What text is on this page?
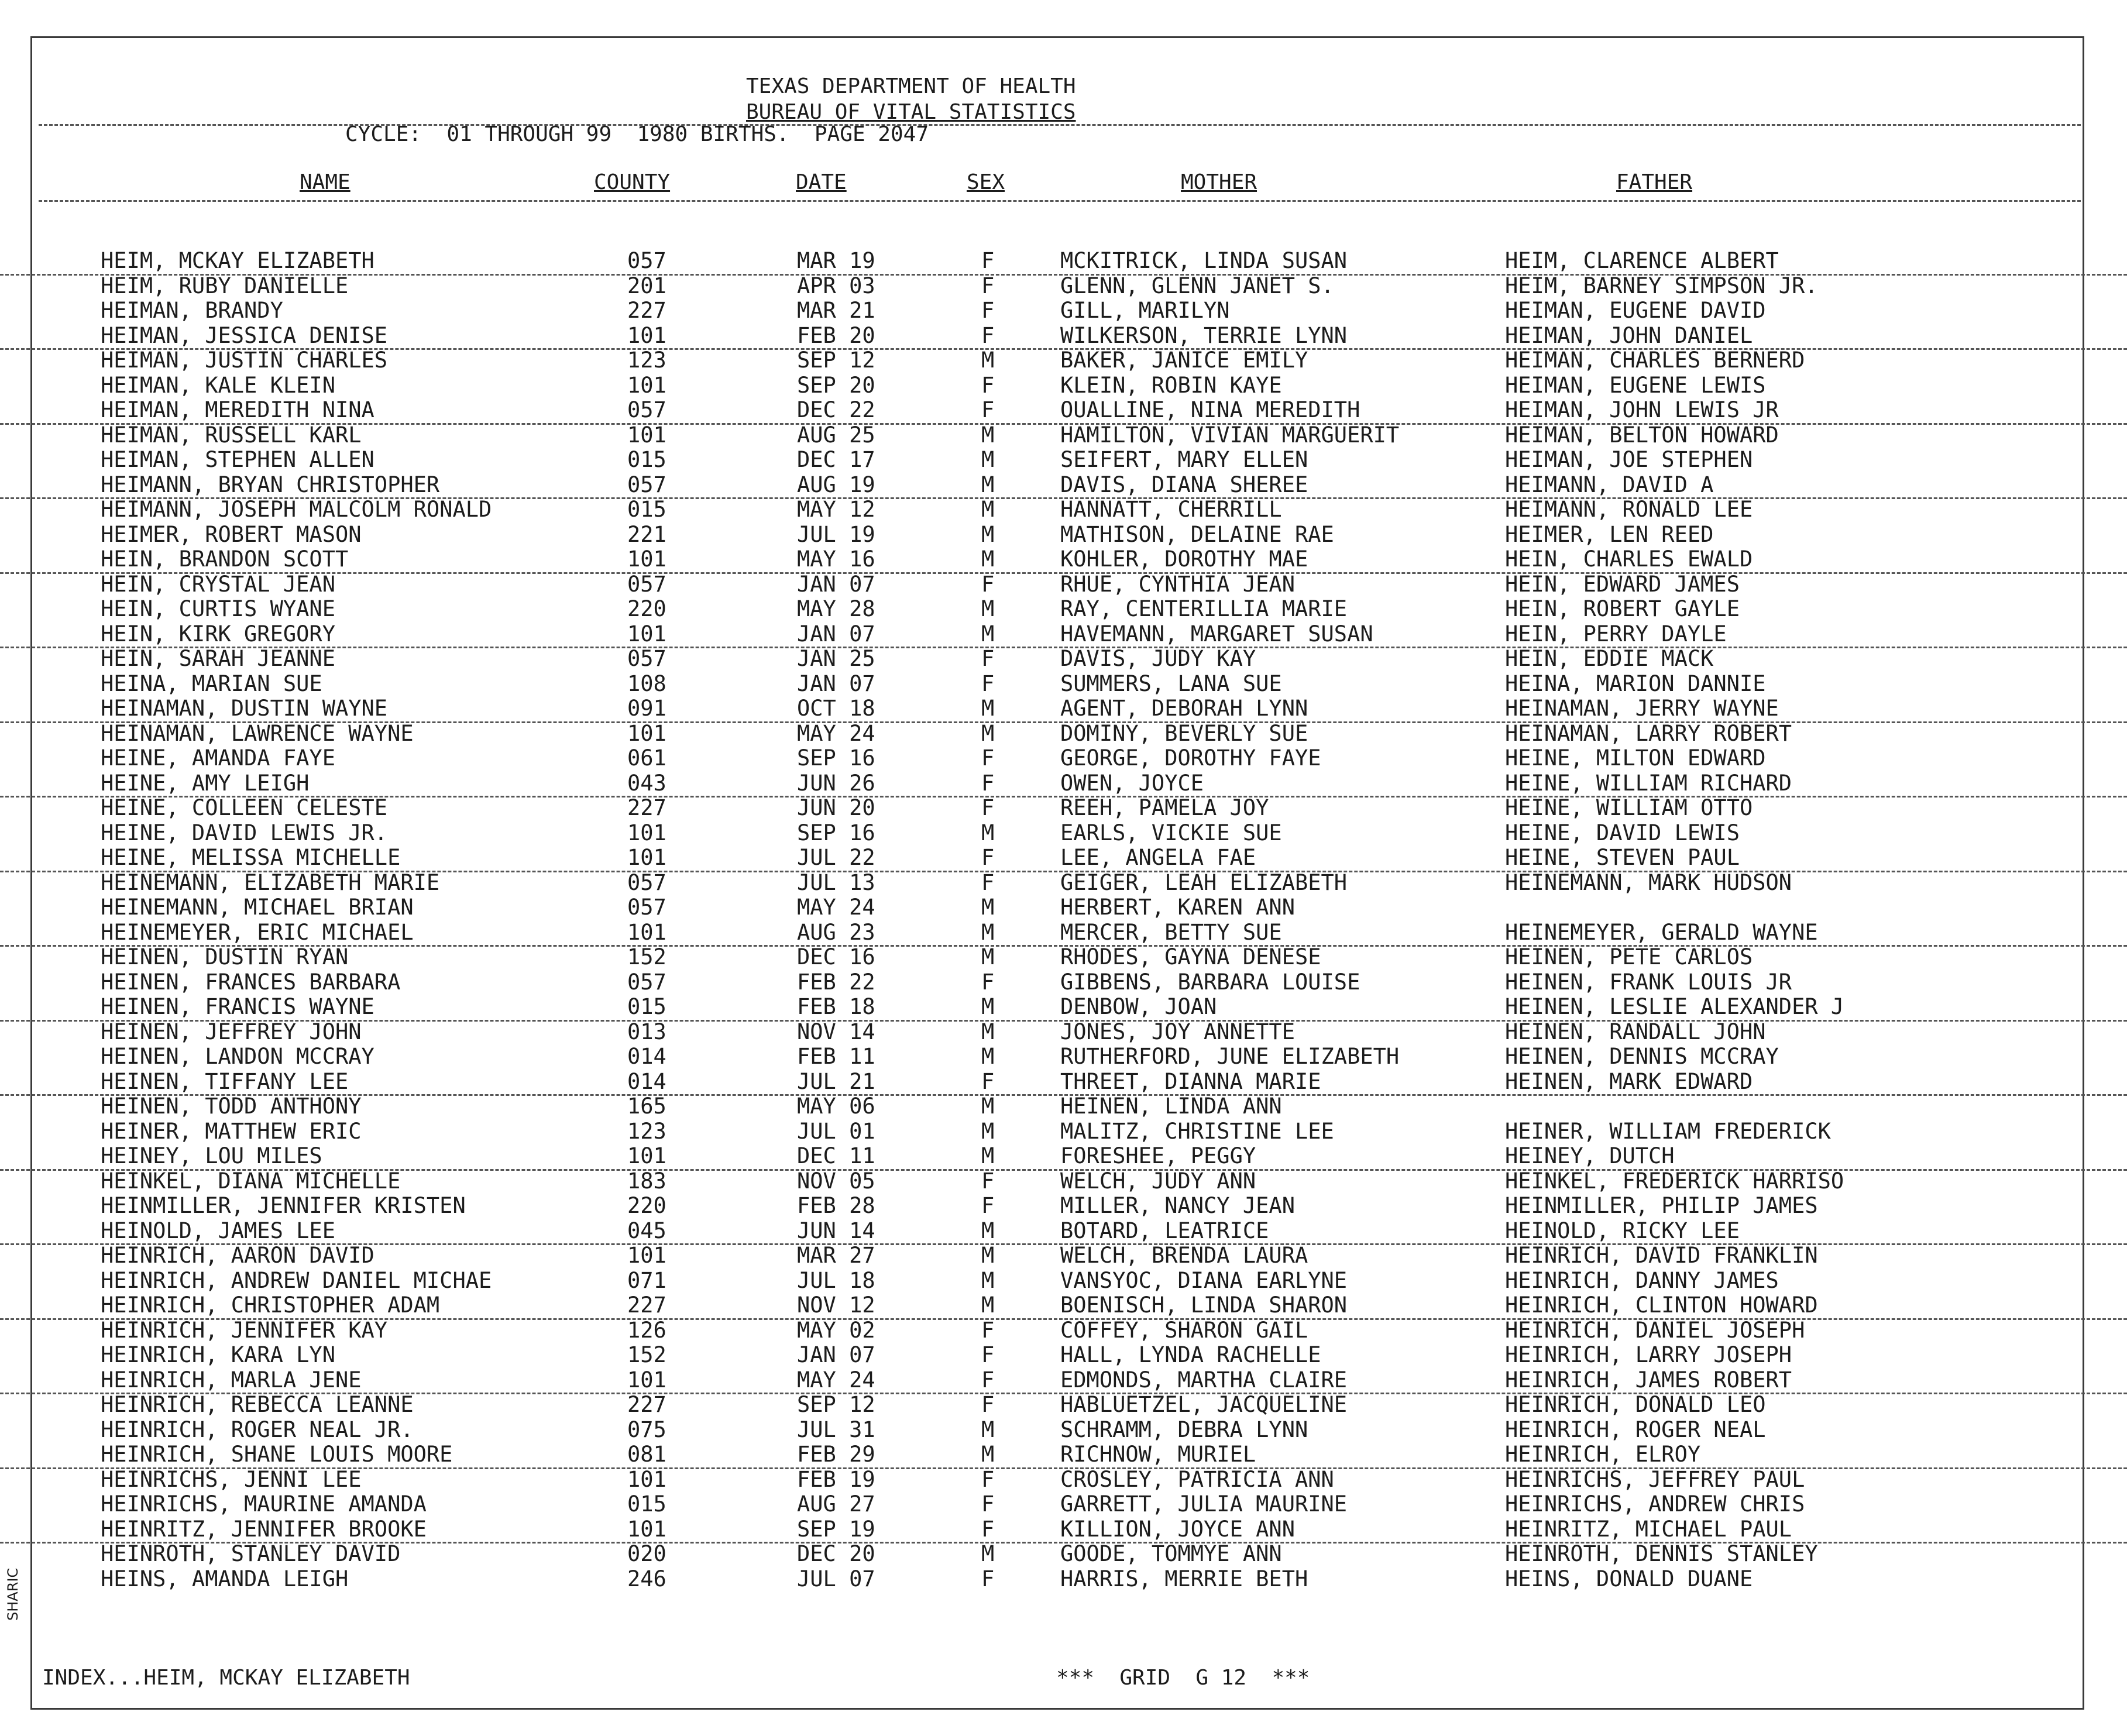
TEXAS DEPARTMENT OF HEALTH
BUREAU OF VITAL STATISTICS
CYCLE:  01 THROUGH 99  1980 BIRTHS.  PAGE 2047
NAME	COUNTY	DATE	SEX	MOTHER	FATHER
HEIM, MCKAY ELIZABETH	057	MAR 19	F	MCKITRICK, LINDA SUSAN	HEIM, CLARENCE ALBERT
HEIM, RUBY DANIELLE	201	APR 03	F	GLENN, GLENN JANET S.	HEIM, BARNEY SIMPSON JR.
HEIMAN, BRANDY	227	MAR 21	F	GILL, MARILYN	HEIMAN, EUGENE DAVID
HEIMAN, JESSICA DENISE	101	FEB 20	F	WILKERSON, TERRIE LYNN	HEIMAN, JOHN DANIEL
HEIMAN, JUSTIN CHARLES	123	SEP 12	M	BAKER, JANICE EMILY	HEIMAN, CHARLES BERNERD
HEIMAN, KALE KLEIN	101	SEP 20	F	KLEIN, ROBIN KAYE	HEIMAN, EUGENE LEWIS
HEIMAN, MEREDITH NINA	057	DEC 22	F	OUALLINE, NINA MEREDITH	HEIMAN, JOHN LEWIS JR
HEIMAN, RUSSELL KARL	101	AUG 25	M	HAMILTON, VIVIAN MARGUERIT	HEIMAN, BELTON HOWARD
HEIMAN, STEPHEN ALLEN	015	DEC 17	M	SEIFERT, MARY ELLEN	HEIMAN, JOE STEPHEN
HEIMANN, BRYAN CHRISTOPHER	057	AUG 19	M	DAVIS, DIANA SHEREE	HEIMANN, DAVID A
HEIMANN, JOSEPH MALCOLM RONALD	015	MAY 12	M	HANNATT, CHERRILL	HEIMANN, RONALD LEE
HEIMER, ROBERT MASON	221	JUL 19	M	MATHISON, DELAINE RAE	HEIMER, LEN REED
HEIN, BRANDON SCOTT	101	MAY 16	M	KOHLER, DOROTHY MAE	HEIN, CHARLES EWALD
HEIN, CRYSTAL JEAN	057	JAN 07	F	RHUE, CYNTHIA JEAN	HEIN, EDWARD JAMES
HEIN, CURTIS WYANE	220	MAY 28	M	RAY, CENTERILLIA MARIE	HEIN, ROBERT GAYLE
HEIN, KIRK GREGORY	101	JAN 07	M	HAVEMANN, MARGARET SUSAN	HEIN, PERRY DAYLE
HEIN, SARAH JEANNE	057	JAN 25	F	DAVIS, JUDY KAY	HEIN, EDDIE MACK
HEINA, MARIAN SUE	108	JAN 07	F	SUMMERS, LANA SUE	HEINA, MARION DANNIE
HEINAMAN, DUSTIN WAYNE	091	OCT 18	M	AGENT, DEBORAH LYNN	HEINAMAN, JERRY WAYNE
HEINAMAN, LAWRENCE WAYNE	101	MAY 24	M	DOMINY, BEVERLY SUE	HEINAMAN, LARRY ROBERT
HEINE, AMANDA FAYE	061	SEP 16	F	GEORGE, DOROTHY FAYE	HEINE, MILTON EDWARD
HEINE, AMY LEIGH	043	JUN 26	F	OWEN, JOYCE	HEINE, WILLIAM RICHARD
HEINE, COLLEEN CELESTE	227	JUN 20	F	REEH, PAMELA JOY	HEINE, WILLIAM OTTO
HEINE, DAVID LEWIS JR.	101	SEP 16	M	EARLS, VICKIE SUE	HEINE, DAVID LEWIS
HEINE, MELISSA MICHELLE	101	JUL 22	F	LEE, ANGELA FAE	HEINE, STEVEN PAUL
HEINEMANN, ELIZABETH MARIE	057	JUL 13	F	GEIGER, LEAH ELIZABETH	HEINEMANN, MARK HUDSON
HEINEMANN, MICHAEL BRIAN	057	MAY 24	M	HERBERT, KAREN ANN
HEINEMEYER, ERIC MICHAEL	101	AUG 23	M	MERCER, BETTY SUE	HEINEMEYER, GERALD WAYNE
HEINEN, DUSTIN RYAN	152	DEC 16	M	RHODES, GAYNA DENESE	HEINEN, PETE CARLOS
HEINEN, FRANCES BARBARA	057	FEB 22	F	GIBBENS, BARBARA LOUISE	HEINEN, FRANK LOUIS JR
HEINEN, FRANCIS WAYNE	015	FEB 18	M	DENBOW, JOAN	HEINEN, LESLIE ALEXANDER J
HEINEN, JEFFREY JOHN	013	NOV 14	M	JONES, JOY ANNETTE	HEINEN, RANDALL JOHN
HEINEN, LANDON MCCRAY	014	FEB 11	M	RUTHERFORD, JUNE ELIZABETH	HEINEN, DENNIS MCCRAY
HEINEN, TIFFANY LEE	014	JUL 21	F	THREET, DIANNA MARIE	HEINEN, MARK EDWARD
HEINEN, TODD ANTHONY	165	MAY 06	M	HEINEN, LINDA ANN
HEINER, MATTHEW ERIC	123	JUL 01	M	MALITZ, CHRISTINE LEE	HEINER, WILLIAM FREDERICK
HEINEY, LOU MILES	101	DEC 11	M	FORESHEE, PEGGY	HEINEY, DUTCH
HEINKEL, DIANA MICHELLE	183	NOV 05	F	WELCH, JUDY ANN	HEINKEL, FREDERICK HARRISO
HEINMILLER, JENNIFER KRISTEN	220	FEB 28	F	MILLER, NANCY JEAN	HEINMILLER, PHILIP JAMES
HEINOLD, JAMES LEE	045	JUN 14	M	BOTARD, LEATRICE	HEINOLD, RICKY LEE
HEINRICH, AARON DAVID	101	MAR 27	M	WELCH, BRENDA LAURA	HEINRICH, DAVID FRANKLIN
HEINRICH, ANDREW DANIEL MICHAE	071	JUL 18	M	VANSYOC, DIANA EARLYNE	HEINRICH, DANNY JAMES
HEINRICH, CHRISTOPHER ADAM	227	NOV 12	M	BOENISCH, LINDA SHARON	HEINRICH, CLINTON HOWARD
HEINRICH, JENNIFER KAY	126	MAY 02	F	COFFEY, SHARON GAIL	HEINRICH, DANIEL JOSEPH
HEINRICH, KARA LYN	152	JAN 07	F	HALL, LYNDA RACHELLE	HEINRICH, LARRY JOSEPH
HEINRICH, MARLA JENE	101	MAY 24	F	EDMONDS, MARTHA CLAIRE	HEINRICH, JAMES ROBERT
HEINRICH, REBECCA LEANNE	227	SEP 12	F	HABLUETZEL, JACQUELINE	HEINRICH, DONALD LEO
HEINRICH, ROGER NEAL JR.	075	JUL 31	M	SCHRAMM, DEBRA LYNN	HEINRICH, ROGER NEAL
HEINRICH, SHANE LOUIS MOORE	081	FEB 29	M	RICHNOW, MURIEL	HEINRICH, ELROY
HEINRICHS, JENNI LEE	101	FEB 19	F	CROSLEY, PATRICIA ANN	HEINRICHS, JEFFREY PAUL
HEINRICHS, MAURINE AMANDA	015	AUG 27	F	GARRETT, JULIA MAURINE	HEINRICHS, ANDREW CHRIS
HEINRITZ, JENNIFER BROOKE	101	SEP 19	F	KILLION, JOYCE ANN	HEINRITZ, MICHAEL PAUL
HEINROTH, STANLEY DAVID	020	DEC 20	M	GOODE, TOMMYE ANN	HEINROTH, DENNIS STANLEY
HEINS, AMANDA LEIGH	246	JUL 07	F	HARRIS, MERRIE BETH	HEINS, DONALD DUANE
INDEX...HEIM, MCKAY ELIZABETH	***  GRID  G 12  ***
SHARIC
